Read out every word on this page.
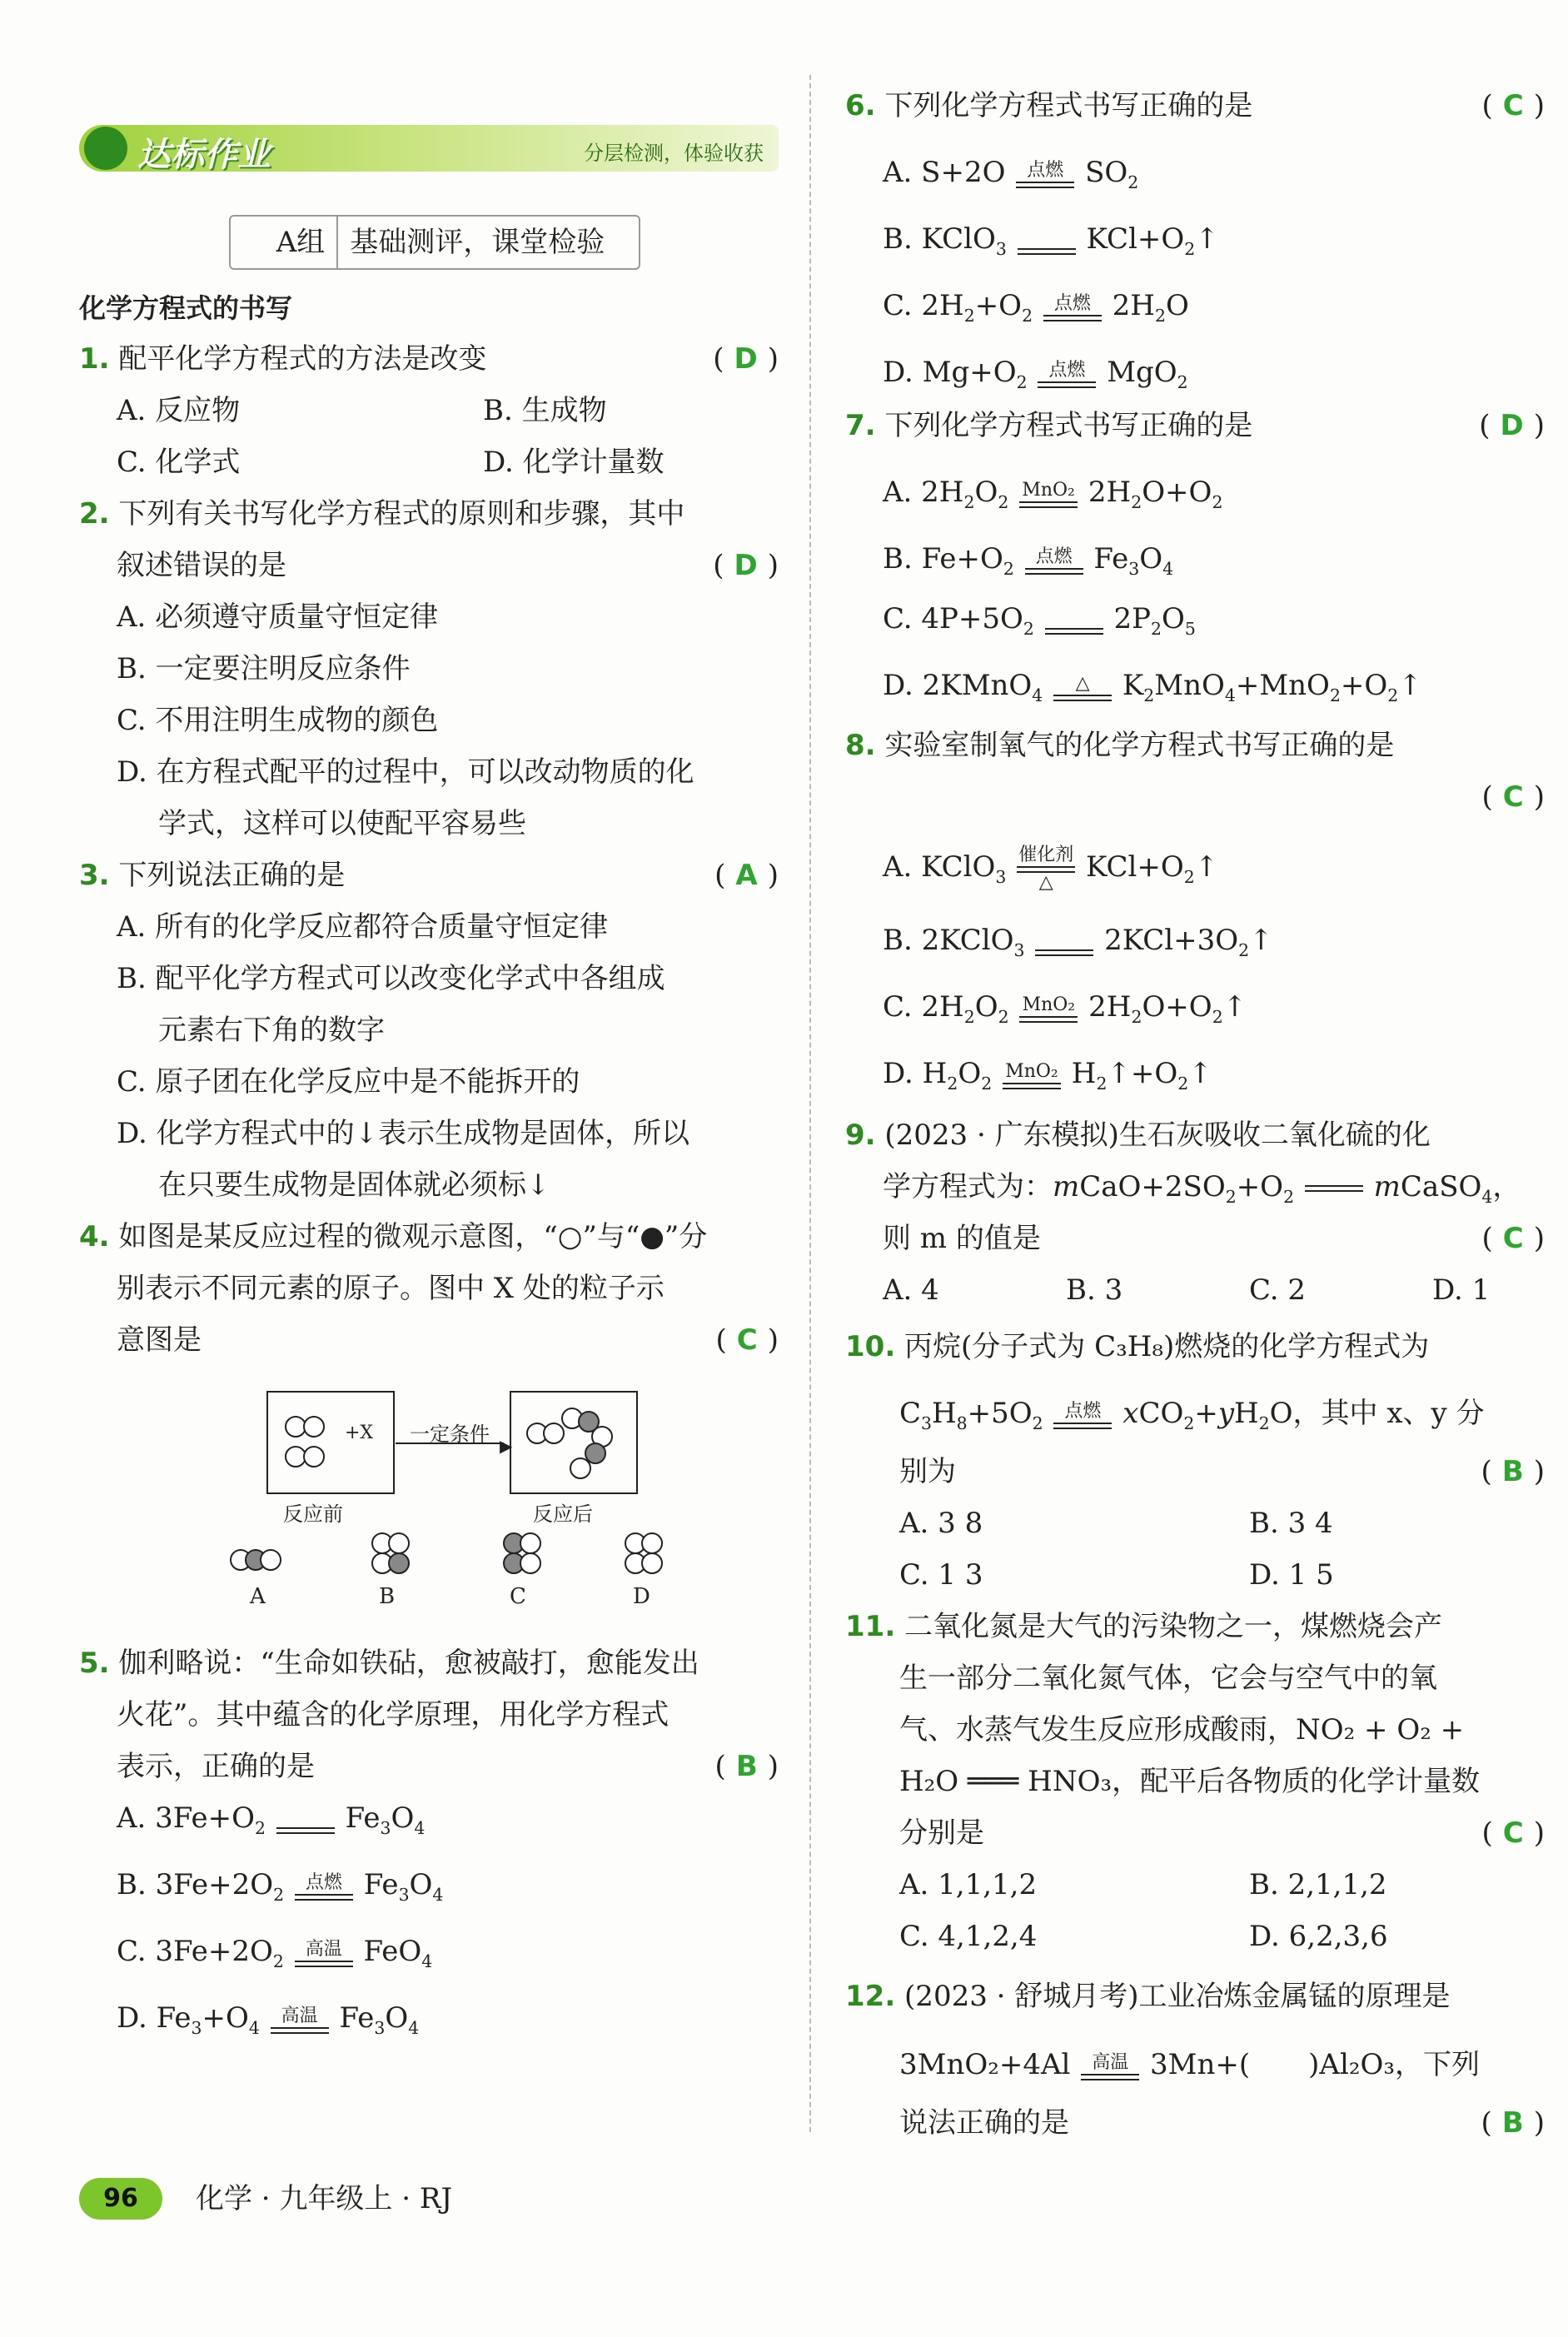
达标作业	分层检测，体验收获
A组 基础测评，课堂检验
化学方程式的书写
1. 配平化学方程式的方法是改变	( D )
A. 反应物	B. 生成物
C. 化学式	D. 化学计量数
2. 下列有关书写化学方程式的原则和步骤，其中
叙述错误的是	( D )
A. 必须遵守质量守恒定律
B. 一定要注明反应条件
C. 不用注明生成物的颜色
D. 在方程式配平的过程中，可以改动物质的化
学式，这样可以使配平容易些
3. 下列说法正确的是	( A )
A. 所有的化学反应都符合质量守恒定律
B. 配平化学方程式可以改变化学式中各组成
元素右下角的数字
C. 原子团在化学反应中是不能拆开的
D. 化学方程式中的↓表示生成物是固体，所以
在只要生成物是固体就必须标↓
4. 如图是某反应过程的微观示意图，“○”与“●”分
别表示不同元素的原子。图中 X 处的粒子示
意图是	( C )
+X	一定条件 ▶
反应前	反应后
A	B	C	D
5. 伽利略说：“生命如铁砧，愈被敲打，愈能发出
火花”。其中蕴含的化学原理，用化学方程式
表示，正确的是	( B )
A. $3Fe+O_2$
	$Fe_3O_4$
B. $3Fe+2O_2$
点燃 $Fe_3O_4$
C. $3Fe+2O_2$
高温 FeO$_4$
D. $Fe_3+O_4$
高温 $Fe_3O_4$
6. 下列化学方程式书写正确的是	( C )
A. S+2O	点燃 $SO_2$
B. KClO$_3$
	$KCl+O_2↑$
C. $2H_2+O_2$
点燃 $2H_2O$
D. $Mg+O_2$
点燃 MgO$_2$
7. 下列化学方程式书写正确的是	( D )
A. $2H_2O_2$
MnO₂ $2H_2O+O_2$
B. $Fe+O_2$
点燃 $Fe_3O_4$
C. $4P+5O_2$

$2P_2O_5$
D. 2KMnO$_4$
△ $K_2MnO_4+MnO_2+O_2↑$
8. 实验室制氧气的化学方程式书写正确的是
( C )
A. KClO$_3$
催化剂
△ $KCl+O_2↑$
B. 2KClO$_3$

$2KCl+3O_2↑$
C. $2H_2O_2$
MnO₂ $2H_2O+O_2↑$
D. $H_2O_2$
MnO₂ $H_2↑+O_2↑$
9. (2023 · 广东模拟)生石灰吸收二氧化硫的化
学方程式为：$mCaO+2SO_2+O_2$	mCaSO$_4$，
则 m 的值是	( C )
A. 4	B. 3	C. 2	D. 1
10. 丙烷(分子式为 C₃H₈)燃烧的化学方程式为
$C_3H_8+5O_2$
点燃 $xCO_2+yH_2O$，其中 x、y 分
别为	( B )
A. 3 8	B. 3 4
C. 1 3	D. 1 5
11. 二氧化氮是大气的污染物之一，煤燃烧会产
生一部分二氧化氮气体，它会与空气中的氧
气、水蒸气发生反应形成酸雨，NO₂ + O₂ +
H₂O ═══ HNO₃，配平后各物质的化学计量数
分别是	( C )
A. 1,1,1,2	B. 2,1,1,2
C. 4,1,2,4	D. 6,2,3,6
12. (2023 · 舒城月考)工业冶炼金属锰的原理是
3MnO₂+4Al	高温 3Mn+( )Al₂O₃，下列
说法正确的是	( B )
96	化学 · 九年级上 · RJ
